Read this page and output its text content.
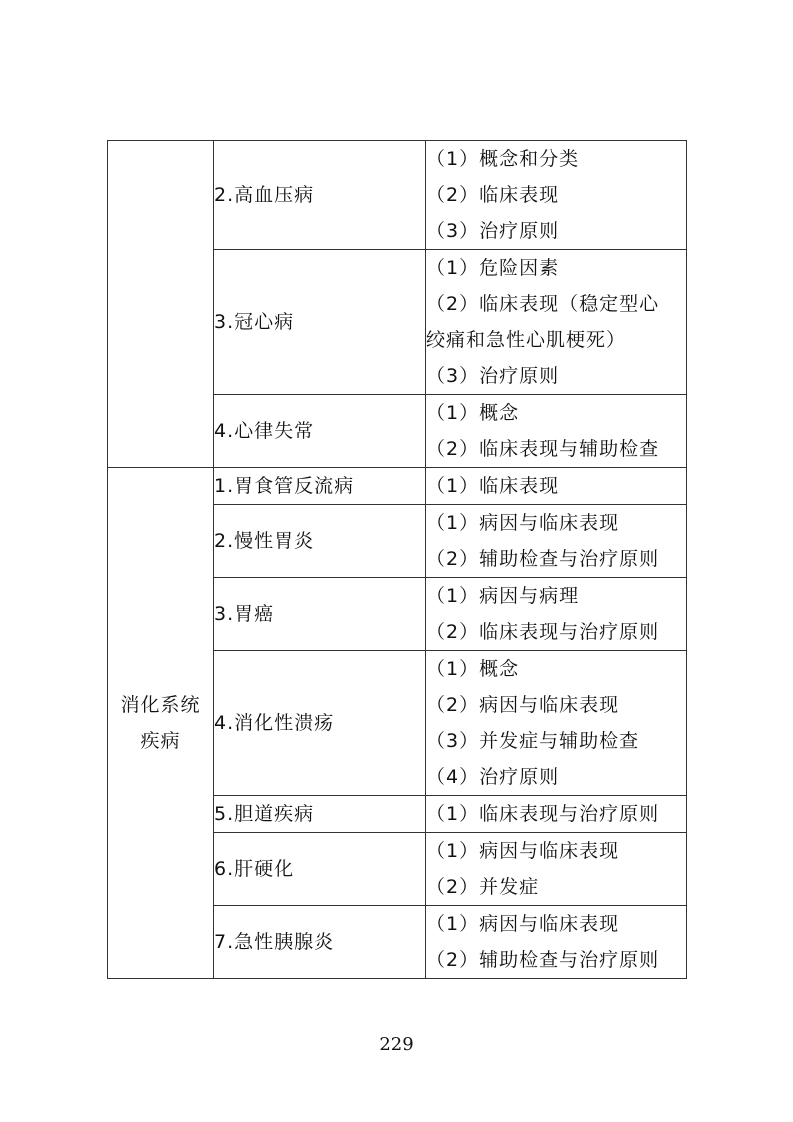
	2.高血压病	（1）概念和分类
（2）临床表现
（3）治疗原则

	3.冠心病	（1）危险因素
（2）临床表现（稳定型心
绞痛和急性心肌梗死）
（3）治疗原则

	4.心律失常	（1）概念
（2）临床表现与辅助检查

消化系统
疾病	1.胃食管反流病	（1）临床表现

	2.慢性胃炎	（1）病因与临床表现
（2）辅助检查与治疗原则

	3.胃癌	（1）病因与病理
（2）临床表现与治疗原则

	4.消化性溃疡	（1）概念
（2）病因与临床表现
（3）并发症与辅助检查
（4）治疗原则

	5.胆道疾病	（1）临床表现与治疗原则

	6.肝硬化	（1）病因与临床表现
（2）并发症

	7.急性胰腺炎	（1）病因与临床表现
（2）辅助检查与治疗原则
229
